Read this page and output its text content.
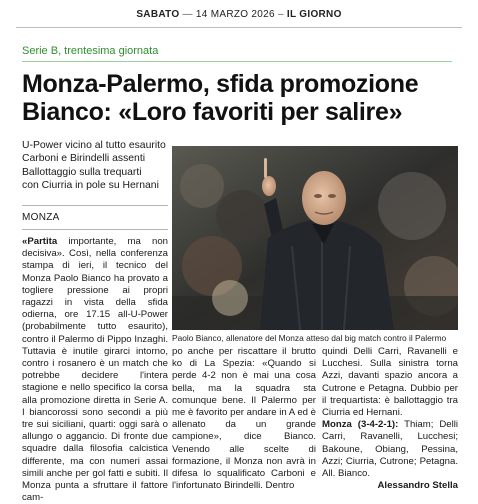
SABATO — 14 MARZO 2026 – IL GIORNO
Serie B, trentesima giornata
Monza-Palermo, sfida promozione
Bianco: «Loro favoriti per salire»
U-Power vicino al tutto esaurito
Carboni e Birindelli assenti
Ballottaggio sulla trequarti
con Ciurria in pole su Hernani
MONZA

«Partita importante, ma non decisiva». Così, nella conferenza stampa di ieri, il tecnico del Monza Paolo Bianco ha provato a togliere pressione ai propri ragazzi in vista della sfida odierna, ore 17.15 all-U-Power (probabilmente tutto esaurito), contro il Palermo di Pippo Inzaghi. Tuttavia è inutile girarci intorno, contro i rosanero è un match che potrebbe decidere l'intera stagione e nello specifico la corsa alla promozione diretta in Serie A. I biancorossi sono secondi a più tre sui siciliani, quarti: oggi sarà o allungo o aggancio. Di fronte due squadre dalla filosofia calcistica differente, ma con numeri assai simili anche per gol fatti e subiti. Il Monza punta a sfruttare il fattore cam-

Paolo Bianco, allenatore del Monza atteso dal big match contro il Palermo

po anche per riscattare il brutto ko di La Spezia: «Quando si perde 4-2 non è mai una cosa bella, ma la squadra sta comunque bene. Il Palermo per me è favorito per andare in A ed è allenato da un grande campione», dice Bianco. Venendo alle scelte di formazione, il Monza non avrà in difesa lo squalificato Carboni e l'infortunato Birindelli. Dentro

quindi Delli Carri, Ravanelli e Lucchesi. Sulla sinistra torna Azzi, davanti spazio ancora a Cutrone e Petagna. Dubbio per il trequartista: è ballottaggio tra Ciurria ed Hernani.

Monza (3-4-2-1): Thiam; Delli Carri, Ravanelli, Lucchesi; Bakoune, Obiang, Pessina, Azzi; Ciurria, Cutrone; Petagna. All. Bianco.

Alessandro Stella
